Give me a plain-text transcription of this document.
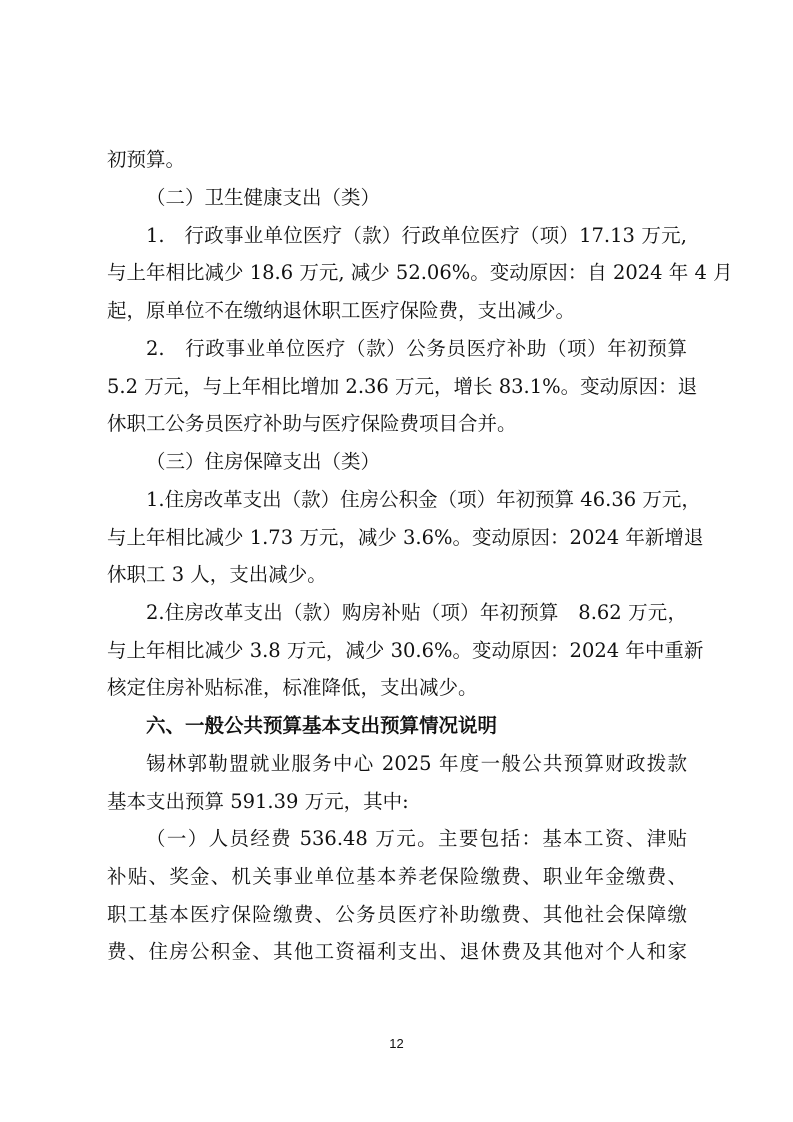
初预算。
（二）卫生健康支出（类）
1.　行政事业单位医疗（款）行政单位医疗（项）17.13 万元,
与上年相比减少 18.6 万元, 减少 52.06%。变动原因：自 2024 年 4 月
起，原单位不在缴纳退休职工医疗保险费，支出减少。
2.　行政事业单位医疗（款）公务员医疗补助（项）年初预算
5.2 万元，与上年相比增加 2.36 万元，增长 83.1%。变动原因：退
休职工公务员医疗补助与医疗保险费项目合并。
（三）住房保障支出（类）
1.住房改革支出（款）住房公积金（项）年初预算 46.36 万元，
与上年相比减少 1.73 万元，减少 3.6%。变动原因：2024 年新增退
休职工 3 人，支出减少。
2.住房改革支出（款）购房补贴（项）年初预算　8.62 万元，
与上年相比减少 3.8 万元，减少 30.6%。变动原因：2024 年中重新
核定住房补贴标准，标准降低，支出减少。
六、一般公共预算基本支出预算情况说明
锡林郭勒盟就业服务中心 2025 年度一般公共预算财政拨款
基本支出预算 591.39 万元，其中:
（一）人员经费 536.48 万元。主要包括：基本工资、津贴
补贴、奖金、机关事业单位基本养老保险缴费、职业年金缴费、
职工基本医疗保险缴费、公务员医疗补助缴费、其他社会保障缴
费、住房公积金、其他工资福利支出、退休费及其他对个人和家
12
